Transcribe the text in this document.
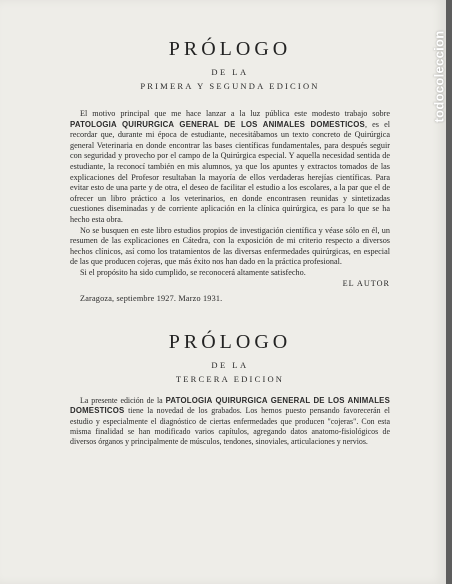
PRÓLOGO
DE LA
PRIMERA Y SEGUNDA EDICION

El motivo principal que me hace lanzar a la luz pública este modesto trabajo sobre PATOLOGIA QUIRURGICA GENERAL DE LOS ANIMALES DOMESTICOS, es el recordar que, durante mi época de estudiante, necesitábamos un texto concreto de Quirúrgica general Veterinaria en donde encontrar las bases científicas fundamentales, para después seguir con seguridad y provecho por el campo de la Quirúrgica especial. Y aquella necesidad sentida de estudiante, la reconocí también en mis alumnos, ya que los apuntes y extractos tomados de las explicaciones del Profesor resultaban la mayoría de ellos verdaderas herejías científicas. Para evitar esto de una parte y de otra, el deseo de facilitar el estudio a los escolares, a la par que el de ofrecer un libro práctico a los veterinarios, en donde encontrasen reunidas y sintetizadas cuestiones diseminadas y de corriente aplicación en la clínica quirúrgica, es para lo que se ha hecho esta obra.

No se busquen en este libro estudios propios de investigación científica y véase sólo en él, un resumen de las explicaciones en Cátedra, con la exposición de mi criterio respecto a diversos hechos clínicos, así como los tratamientos de las diversas enfermedades quirúrgicas, en especial de las que producen cojeras, que más éxito nos han dado en la práctica profesional.

Si el propósito ha sido cumplido, se reconocerá altamente satisfecho.

EL AUTOR
Zaragoza, septiembre 1927. Marzo 1931.
PRÓLOGO
DE LA
TERCERA EDICION

La presente edición de la PATOLOGIA QUIRURGICA GENERAL DE LOS ANIMALES DOMESTICOS tiene la novedad de los grabados. Los hemos puesto pensando favorecerán el estudio y especialmente el diagnóstico de ciertas enfermedades que producen "cojeras". Con esta misma finalidad se han modificado varios capítulos, agregando datos anatomo-fisiológicos de diversos órganos y principalmente de músculos, tendones, sinoviales, articulaciones y nervios.

todocoleccion
